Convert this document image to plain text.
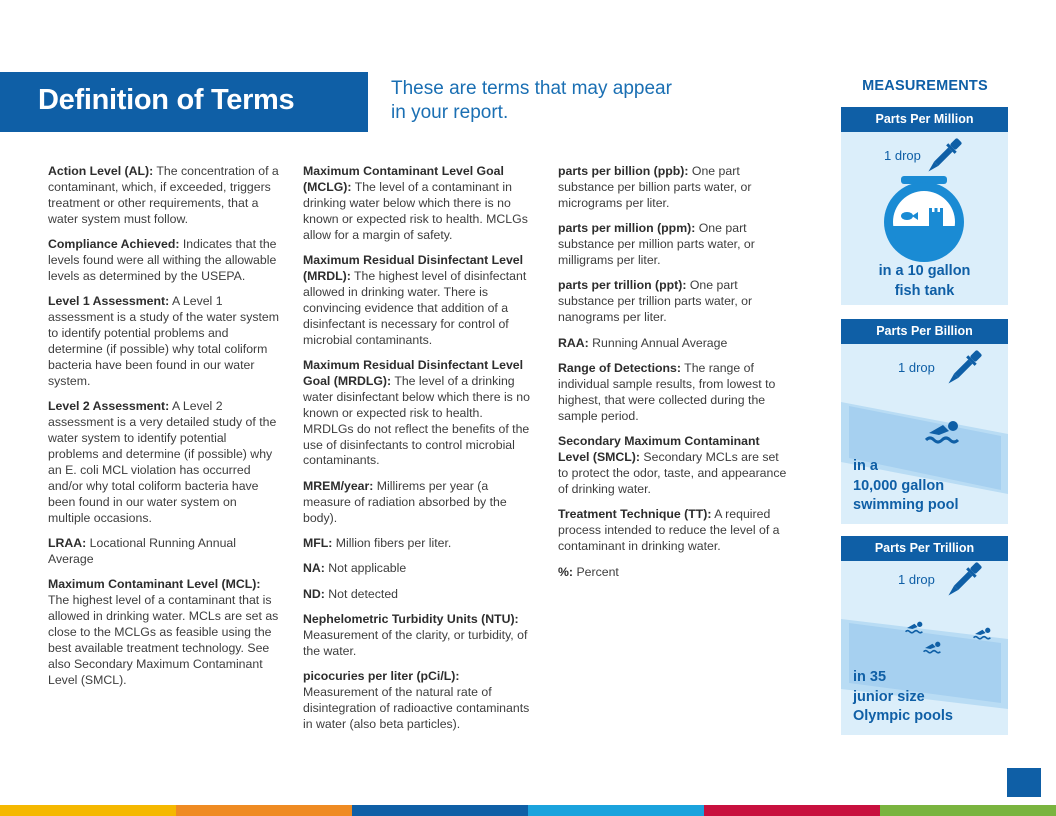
Definition of Terms	These are terms that may appear in your report.

Action Level (AL): The concentration of a contaminant, which, if exceeded, triggers treatment or other requirements, that a water system must follow.

Compliance Achieved: Indicates that the levels found were all withing the allowable levels as determined by the USEPA.

Level 1 Assessment: A Level 1 assessment is a study of the water system to identify potential problems and determine (if possible) why total coliform bacteria have been found in our water system.

Level 2 Assessment: A Level 2 assessment is a very detailed study of the water system to identify potential problems and determine (if possible) why an E. coli MCL violation has occurred and/or why total coliform bacteria have been found in our water system on multiple occasions.

LRAA: Locational Running Annual Average

Maximum Contaminant Level (MCL): The highest level of a contaminant that is allowed in drinking water. MCLs are set as close to the MCLGs as feasible using the best available treatment technology. See also Secondary Maximum Contaminant Level (SMCL).

Maximum Contaminant Level Goal (MCLG): The level of a contaminant in drinking water below which there is no known or expected risk to health. MCLGs allow for a margin of safety.

Maximum Residual Disinfectant Level (MRDL): The highest level of disinfectant allowed in drinking water. There is convincing evidence that addition of a disinfectant is necessary for control of microbial contaminants.

Maximum Residual Disinfectant Level Goal (MRDLG): The level of a drinking water disinfectant below which there is no known or expected risk to health. MRDLGs do not reflect the benefits of the use of disinfectants to control microbial contaminants.

MREM/year: Millirems per year (a measure of radiation absorbed by the body).

MFL: Million fibers per liter.

NA: Not applicable

ND: Not detected

Nephelometric Turbidity Units (NTU): Measurement of the clarity, or turbidity, of the water.

picocuries per liter (pCi/L): Measurement of the natural rate of disintegration of radioactive contaminants in water (also beta particles).

parts per billion (ppb): One part substance per billion parts water, or micrograms per liter.

parts per million (ppm): One part substance per million parts water, or milligrams per liter.

parts per trillion (ppt): One part substance per trillion parts water, or nanograms per liter.

RAA: Running Annual Average

Range of Detections: The range of individual sample results, from lowest to highest, that were collected during the sample period.

Secondary Maximum Contaminant Level (SMCL): Secondary MCLs are set to protect the odor, taste, and appearance of drinking water.

Treatment Technique (TT): A required process intended to reduce the level of a contaminant in drinking water.

%: Percent

MEASUREMENTS
Parts Per Million
1 drop
in a 10 gallon
fish tank
Parts Per Billion
1 drop
in a
10,000 gallon
swimming pool
Parts Per Trillion
1 drop
in 35
junior size
Olympic pools
